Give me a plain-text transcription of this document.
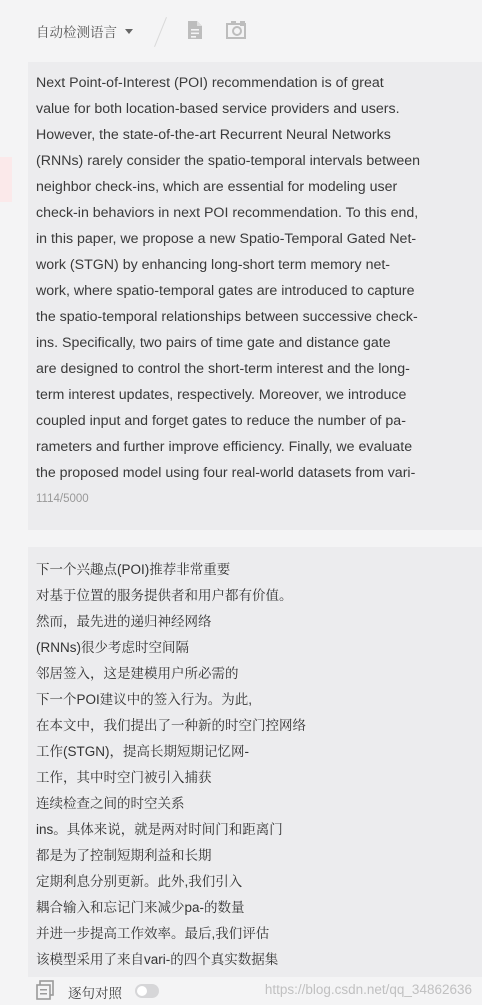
自动检测语言

Next Point-of-Interest (POI) recommendation is of great
value for both location-based service providers and users.
However, the state-of-the-art Recurrent Neural Networks
(RNNs) rarely consider the spatio-temporal intervals between
neighbor check-ins, which are essential for modeling user
check-in behaviors in next POI recommendation. To this end,
in this paper, we propose a new Spatio-Temporal Gated Net-
work (STGN) by enhancing long-short term memory net-
work, where spatio-temporal gates are introduced to capture
the spatio-temporal relationships between successive check-
ins. Specifically, two pairs of time gate and distance gate
are designed to control the short-term interest and the long-
term interest updates, respectively. Moreover, we introduce
coupled input and forget gates to reduce the number of pa-
rameters and further improve efficiency. Finally, we evaluate
the proposed model using four real-world datasets from vari-

1114/5000
下一个兴趣点(POI)推荐非常重要
对基于位置的服务提供者和用户都有价值。
然而，最先进的递归神经网络
(RNNs)很少考虑时空间隔
邻居签入，这是建模用户所必需的
下一个POI建议中的签入行为。为此,
在本文中，我们提出了一种新的时空门控网络
工作(STGN)，提高长期短期记忆网-
工作，其中时空门被引入捕获
连续检查之间的时空关系
ins。具体来说，就是两对时间门和距离门
都是为了控制短期利益和长期
定期利息分别更新。此外,我们引入
耦合输入和忘记门来减少pa-的数量
并进一步提高工作效率。最后,我们评估
该模型采用了来自vari-的四个真实数据集
逐句对照	https://blog.csdn.net/qq_34862636
